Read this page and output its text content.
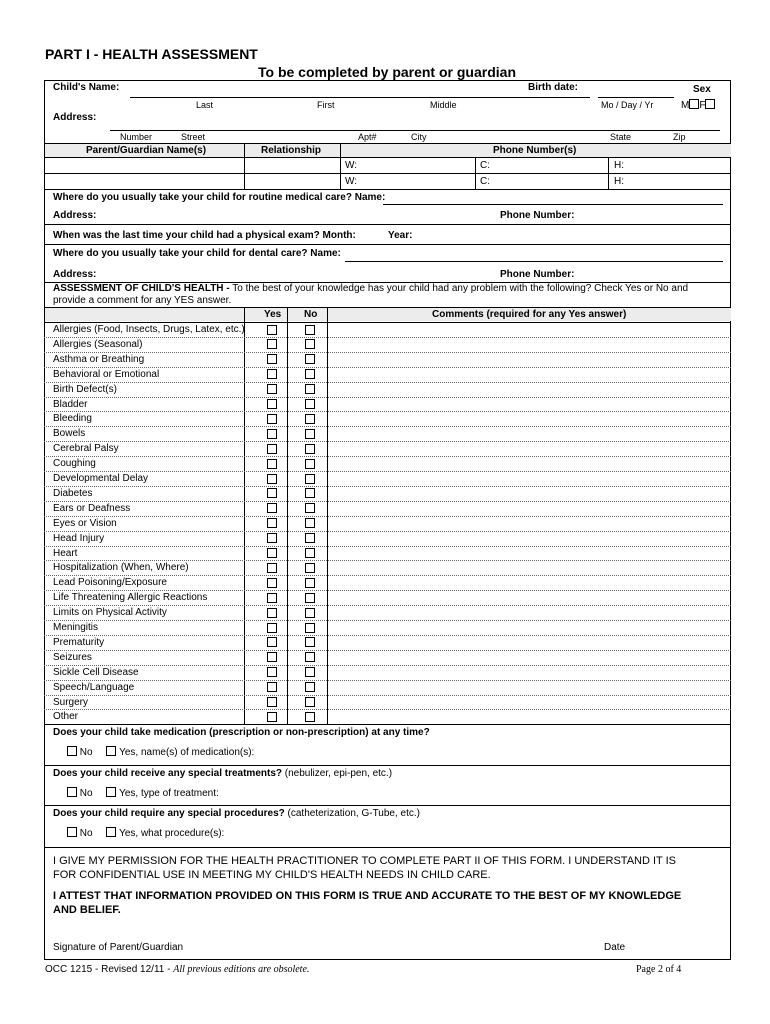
PART I - HEALTH ASSESSMENT
To be completed by parent or guardian
Child's Name:	Birth date:	Sex
Last	First	Middle	Mo / Day / Yr	M F
Address:
Number	Street	Apt#	City	State	Zip
Parent/Guardian Name(s)	Relationship	Phone Number(s)
W:	C:	H:
W:	C:	H:
Where do you usually take your child for routine medical care? Name:
Address:	Phone Number:
When was the last time your child had a physical exam? Month:	Year:
Where do you usually take your child for dental care? Name:
Address:	Phone Number:
ASSESSMENT OF CHILD'S HEALTH - To the best of your knowledge has your child had any problem with the following? Check Yes or No and
provide a comment for any YES answer.
Yes No	Comments (required for any Yes answer)
Allergies (Food, Insects, Drugs, Latex, etc.)
Allergies (Seasonal)
Asthma or Breathing
Behavioral or Emotional
Birth Defect(s)
Bladder
Bleeding
Bowels
Cerebral Palsy
Coughing
Developmental Delay
Diabetes
Ears or Deafness
Eyes or Vision
Head Injury
Heart
Hospitalization (When, Where)
Lead Poisoning/Exposure
Life Threatening Allergic Reactions
Limits on Physical Activity
Meningitis
Prematurity
Seizures
Sickle Cell Disease
Speech/Language
Surgery
Other
Does your child take medication (prescription or non-prescription) at any time?
No	Yes, name(s) of medication(s):
Does your child receive any special treatments? (nebulizer, epi-pen, etc.)
No	Yes, type of treatment:
Does your child require any special procedures? (catheterization, G-Tube, etc.)
No	Yes, what procedure(s):
I GIVE MY PERMISSION FOR THE HEALTH PRACTITIONER TO COMPLETE PART II OF THIS FORM. I UNDERSTAND IT IS
FOR CONFIDENTIAL USE IN MEETING MY CHILD'S HEALTH NEEDS IN CHILD CARE.
I ATTEST THAT INFORMATION PROVIDED ON THIS FORM IS TRUE AND ACCURATE TO THE BEST OF MY KNOWLEDGE
AND BELIEF.
Signature of Parent/Guardian	Date
OCC 1215 - Revised 12/11 - All previous editions are obsolete.	Page 2 of 4
